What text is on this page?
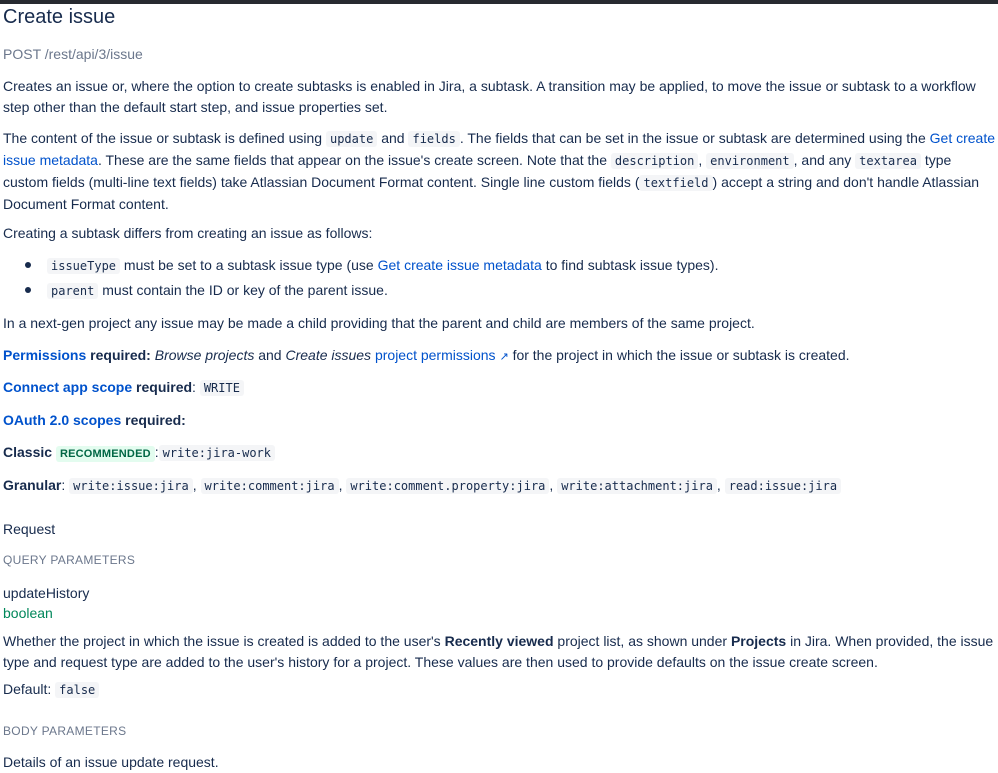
Create issue
POST /rest/api/3/issue

Creates an issue or, where the option to create subtasks is enabled in Jira, a subtask. A transition may be applied, to move the issue or subtask to a workflow step other than the default start step, and issue properties set.

The content of the issue or subtask is defined using update and fields . The fields that can be set in the issue or subtask are determined using the Get create issue metadata. These are the same fields that appear on the issue's create screen. Note that the description , environment , and any textarea type custom fields (multi-line text fields) take Atlassian Document Format content. Single line custom fields ( textfield ) accept a string and don't handle Atlassian Document Format content.

Creating a subtask differs from creating an issue as follows:

issueType must be set to a subtask issue type (use Get create issue metadata to find subtask issue types).

parent must contain the ID or key of the parent issue.

In a next-gen project any issue may be made a child providing that the parent and child are members of the same project.

Permissions required: Browse projects and Create issues project permissions ↗ for the project in which the issue or subtask is created.

Connect app scope required: WRITE

OAuth 2.0 scopes required:

Classic RECOMMENDED : write:jira-work

Granular: write:issue:jira , write:comment:jira , write:comment.property:jira , write:attachment:jira , read:issue:jira

Request
QUERY PARAMETERS
updateHistory
boolean

Whether the project in which the issue is created is added to the user's Recently viewed project list, as shown under Projects in Jira. When provided, the issue type and request type are added to the user's history for a project. These values are then used to provide defaults on the issue create screen.

Default: false

BODY PARAMETERS

Details of an issue update request.
